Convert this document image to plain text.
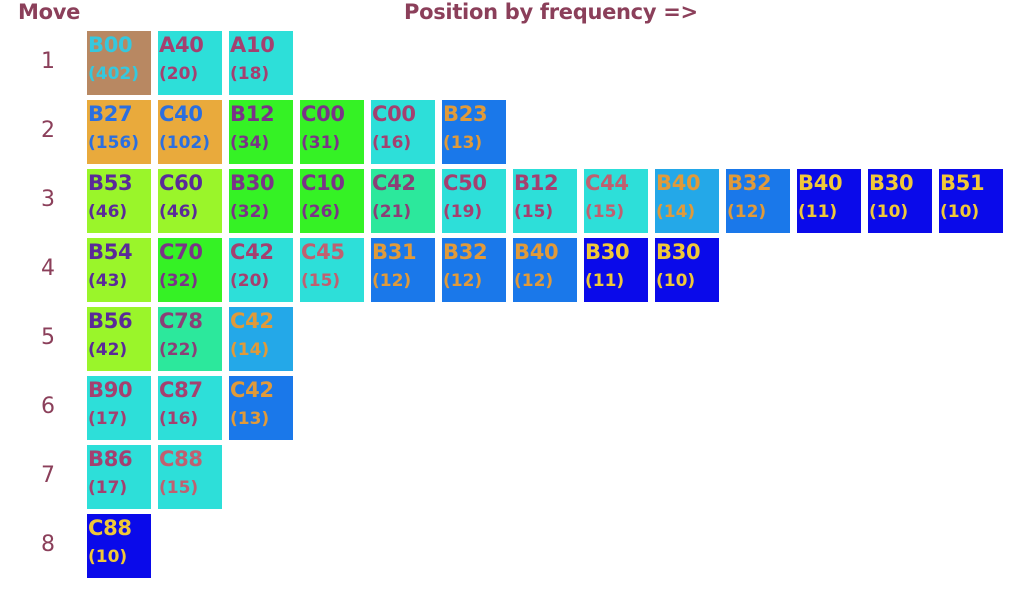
Move	Position by frequency =>
1
B00
(402)
A40
(20)
A10
(18)
2
B27
(156)
C40
(102)
B12
(34)
C00
(31)
C00
(16)
B23
(13)
3
B53
(46)
C60
(46)
B30
(32)
C10
(26)
C42
(21)
C50
(19)
B12
(15)
C44
(15)
B40
(14)
B32
(12)
B40
(11)
B30
(10)
B51
(10)
4
B54
(43)
C70
(32)
C42
(20)
C45
(15)
B31
(12)
B32
(12)
B40
(12)
B30
(11)
B30
(10)
5
B56
(42)
C78
(22)
C42
(14)
6
B90
(17)
C87
(16)
C42
(13)
7
B86
(17)
C88
(15)
8
C88
(10)
